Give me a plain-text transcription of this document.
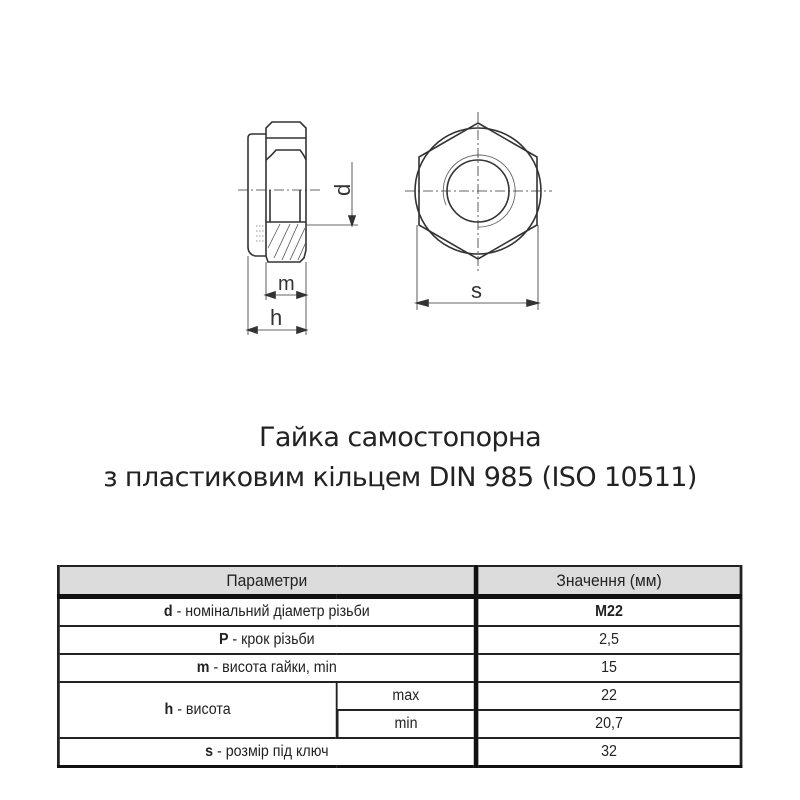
d
m
h
s
Гайка самостопорна
з пластиковим кільцем DIN 985 (ISO 10511)
Параметри		Значення (мм)
d - номінальний діаметр різьби		M22
P - крок різьби		2,5
m - висота гайки, min		15
h - висота	max	22
	min	20,7
s - розмір під ключ		32
